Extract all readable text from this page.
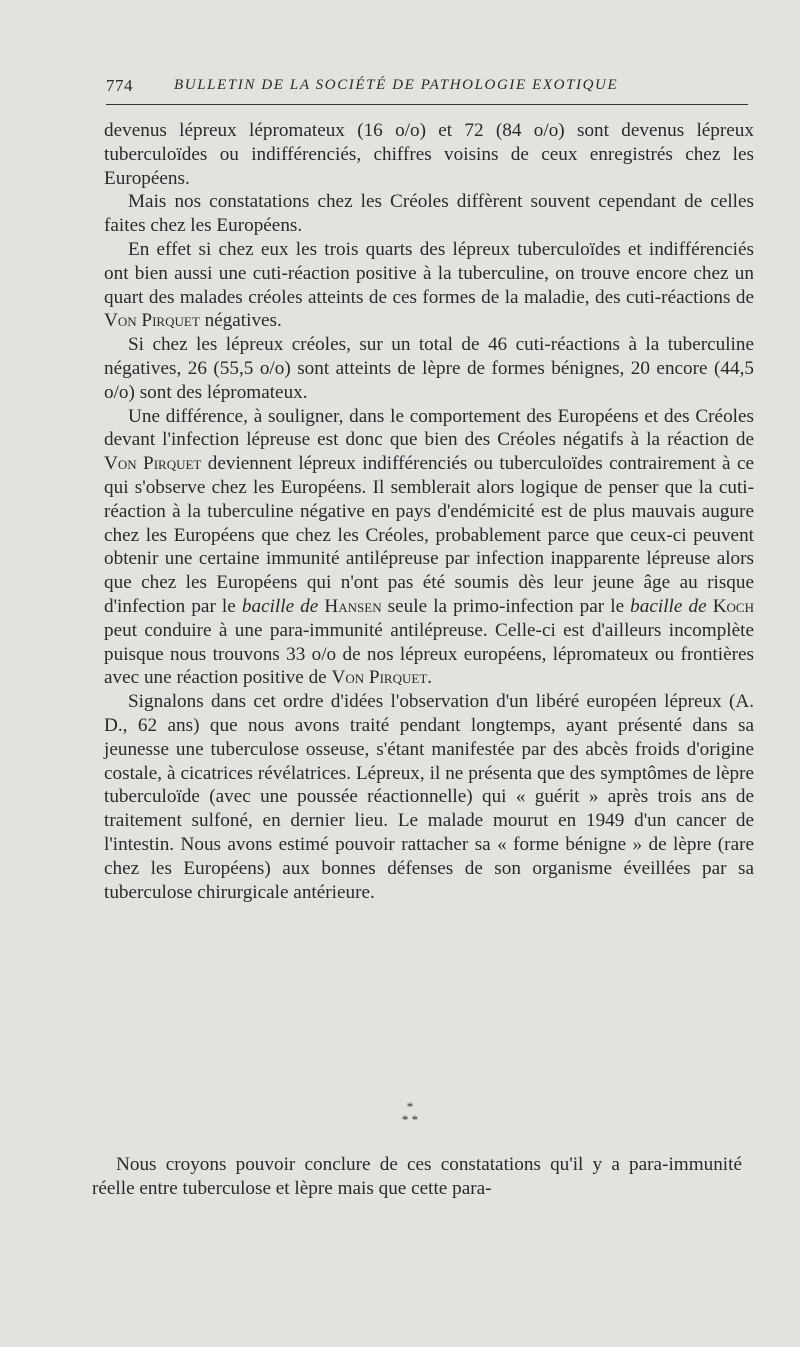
774	BULLETIN DE LA SOCIÉTÉ DE PATHOLOGIE EXOTIQUE

devenus lépreux lépromateux (16 o/o) et 72 (84 o/o) sont devenus lépreux tuberculoïdes ou indifférenciés, chiffres voisins de ceux enregistrés chez les Européens.

Mais nos constatations chez les Créoles diffèrent souvent cependant de celles faites chez les Européens.

En effet si chez eux les trois quarts des lépreux tuberculoïdes et indifférenciés ont bien aussi une cuti-réaction positive à la tuberculine, on trouve encore chez un quart des malades créoles atteints de ces formes de la maladie, des cuti-réactions de Von Pirquet négatives.

Si chez les lépreux créoles, sur un total de 46 cuti-réactions à la tuberculine négatives, 26 (55,5 o/o) sont atteints de lèpre de formes bénignes, 20 encore (44,5 o/o) sont des lépromateux.

Une différence, à souligner, dans le comportement des Européens et des Créoles devant l'infection lépreuse est donc que bien des Créoles négatifs à la réaction de Von Pirquet deviennent lépreux indifférenciés ou tuberculoïdes contrairement à ce qui s'observe chez les Européens. Il semblerait alors logique de penser que la cuti-réaction à la tuberculine négative en pays d'endémicité est de plus mauvais augure chez les Européens que chez les Créoles, probablement parce que ceux-ci peuvent obtenir une certaine immunité antilépreuse par infection inapparente lépreuse alors que chez les Européens qui n'ont pas été soumis dès leur jeune âge au risque d'infection par le bacille de Hansen seule la primo-infection par le bacille de Koch peut conduire à une para-immunité antilépreuse. Celle-ci est d'ailleurs incomplète puisque nous trouvons 33 o/o de nos lépreux européens, lépromateux ou frontières avec une réaction positive de Von Pirquet.

Signalons dans cet ordre d'idées l'observation d'un libéré européen lépreux (A. D., 62 ans) que nous avons traité pendant longtemps, ayant présenté dans sa jeunesse une tuberculose osseuse, s'étant manifestée par des abcès froids d'origine costale, à cicatrices révélatrices. Lépreux, il ne présenta que des symptômes de lèpre tuberculoïde (avec une poussée réactionnelle) qui « guérit » après trois ans de traitement sulfoné, en dernier lieu. Le malade mourut en 1949 d'un cancer de l'intestin. Nous avons estimé pouvoir rattacher sa « forme bénigne » de lèpre (rare chez les Européens) aux bonnes défenses de son organisme éveillées par sa tuberculose chirurgicale antérieure.

*
* *

Nous croyons pouvoir conclure de ces constatations qu'il y a para-immunité réelle entre tuberculose et lèpre mais que cette para-
